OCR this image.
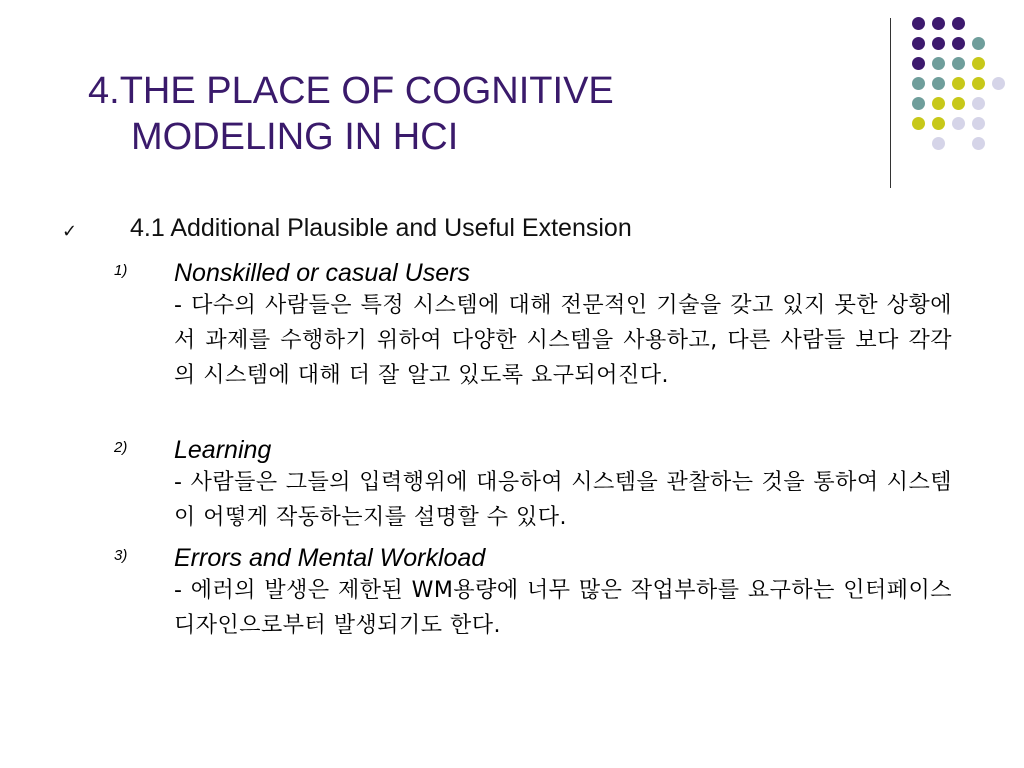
4.THE PLACE OF COGNITIVE
MODELING IN HCI
✓ 4.1 Additional Plausible and Useful Extension
1) Nonskilled or casual Users
- 다수의 사람들은 특정 시스템에 대해 전문적인 기술을 갖고 있지 못한 상황에서 과제를 수행하기 위하여 다양한 시스템을 사용하고, 다른 사람들 보다 각각의 시스템에 대해 더 잘 알고 있도록 요구되어진다.
2) Learning
- 사람들은 그들의 입력행위에 대응하여 시스템을 관찰하는 것을 통하여 시스템이 어떻게 작동하는지를 설명할 수 있다.
3) Errors and Mental Workload
- 에러의 발생은 제한된 WM용량에 너무 많은 작업부하를 요구하는 인터페이스 디자인으로부터 발생되기도 한다.
